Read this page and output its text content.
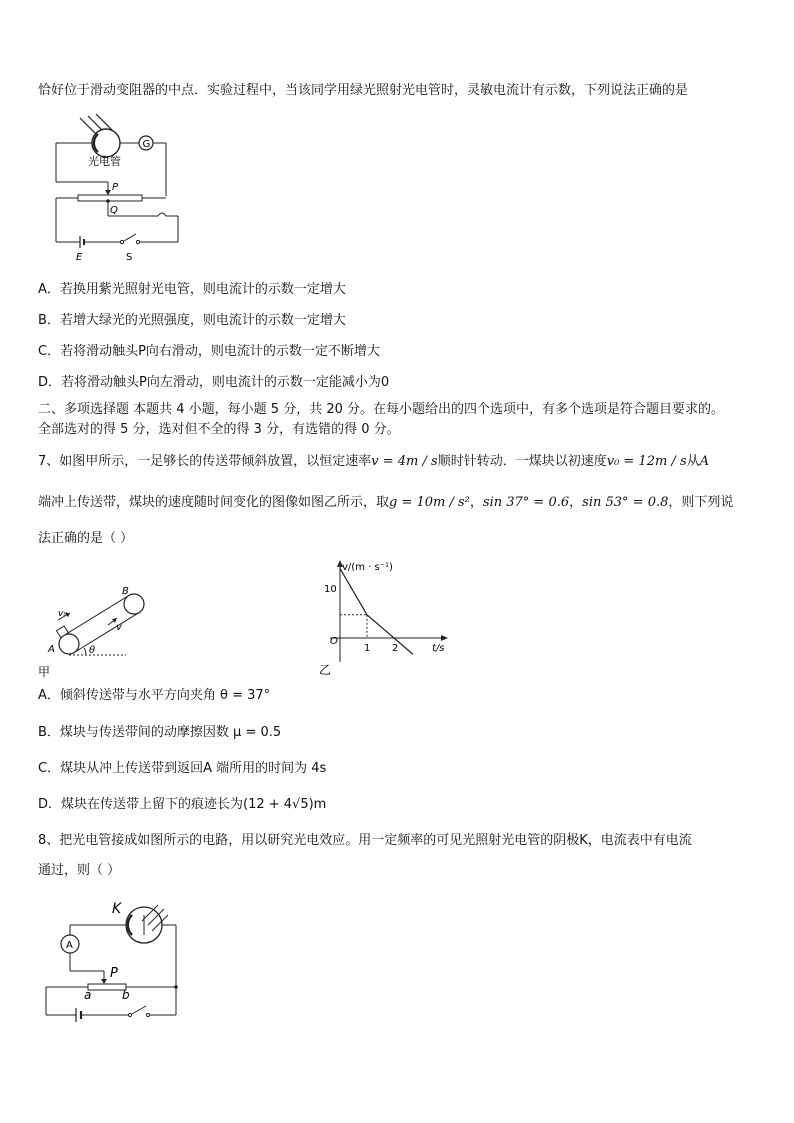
恰好位于滑动变阻器的中点．实验过程中，当该同学用绿光照射光电管时，灵敏电流计有示数，下列说法正确的是
光电管
G
P
Q
E	S
A．若换用紫光照射光电管，则电流计的示数一定增大
B．若增大绿光的光照强度，则电流计的示数一定增大
C．若将滑动触头P向右滑动，则电流计的示数一定不断增大
D．若将滑动触头P向左滑动，则电流计的示数一定能减小为0
二、多项选择题 本题共 4 小题，每小题 5 分，共 20 分。在每小题给出的四个选项中，有多个选项是符合题目要求的。
全部选对的得 5 分，选对但不全的得 3 分，有选错的得 0 分。
7、如图甲所示，一足够长的传送带倾斜放置，以恒定速率v = 4m / s顺时针转动．一煤块以初速度v₀ = 12m / s从A
端冲上传送带，煤块的速度随时间变化的图像如图乙所示，取g = 10m / s²，sin 37° = 0.6，sin 53° = 0.8，则下列说
法正确的是（ ）
θ
v₀
v
A
B
甲
v/(m · s⁻¹)
t/s
O
10
1 2
乙
A．倾斜传送带与水平方向夹角 θ = 37°
B．煤块与传送带间的动摩擦因数 μ = 0.5
C．煤块从冲上传送带到返回A 端所用的时间为 4s
D．煤块在传送带上留下的痕迹长为(12 + 4√5)m
8、把光电管接成如图所示的电路，用以研究光电效应。用一定频率的可见光照射光电管的阴极K，电流表中有电流
通过，则（ ）
K
A
P
a	b
